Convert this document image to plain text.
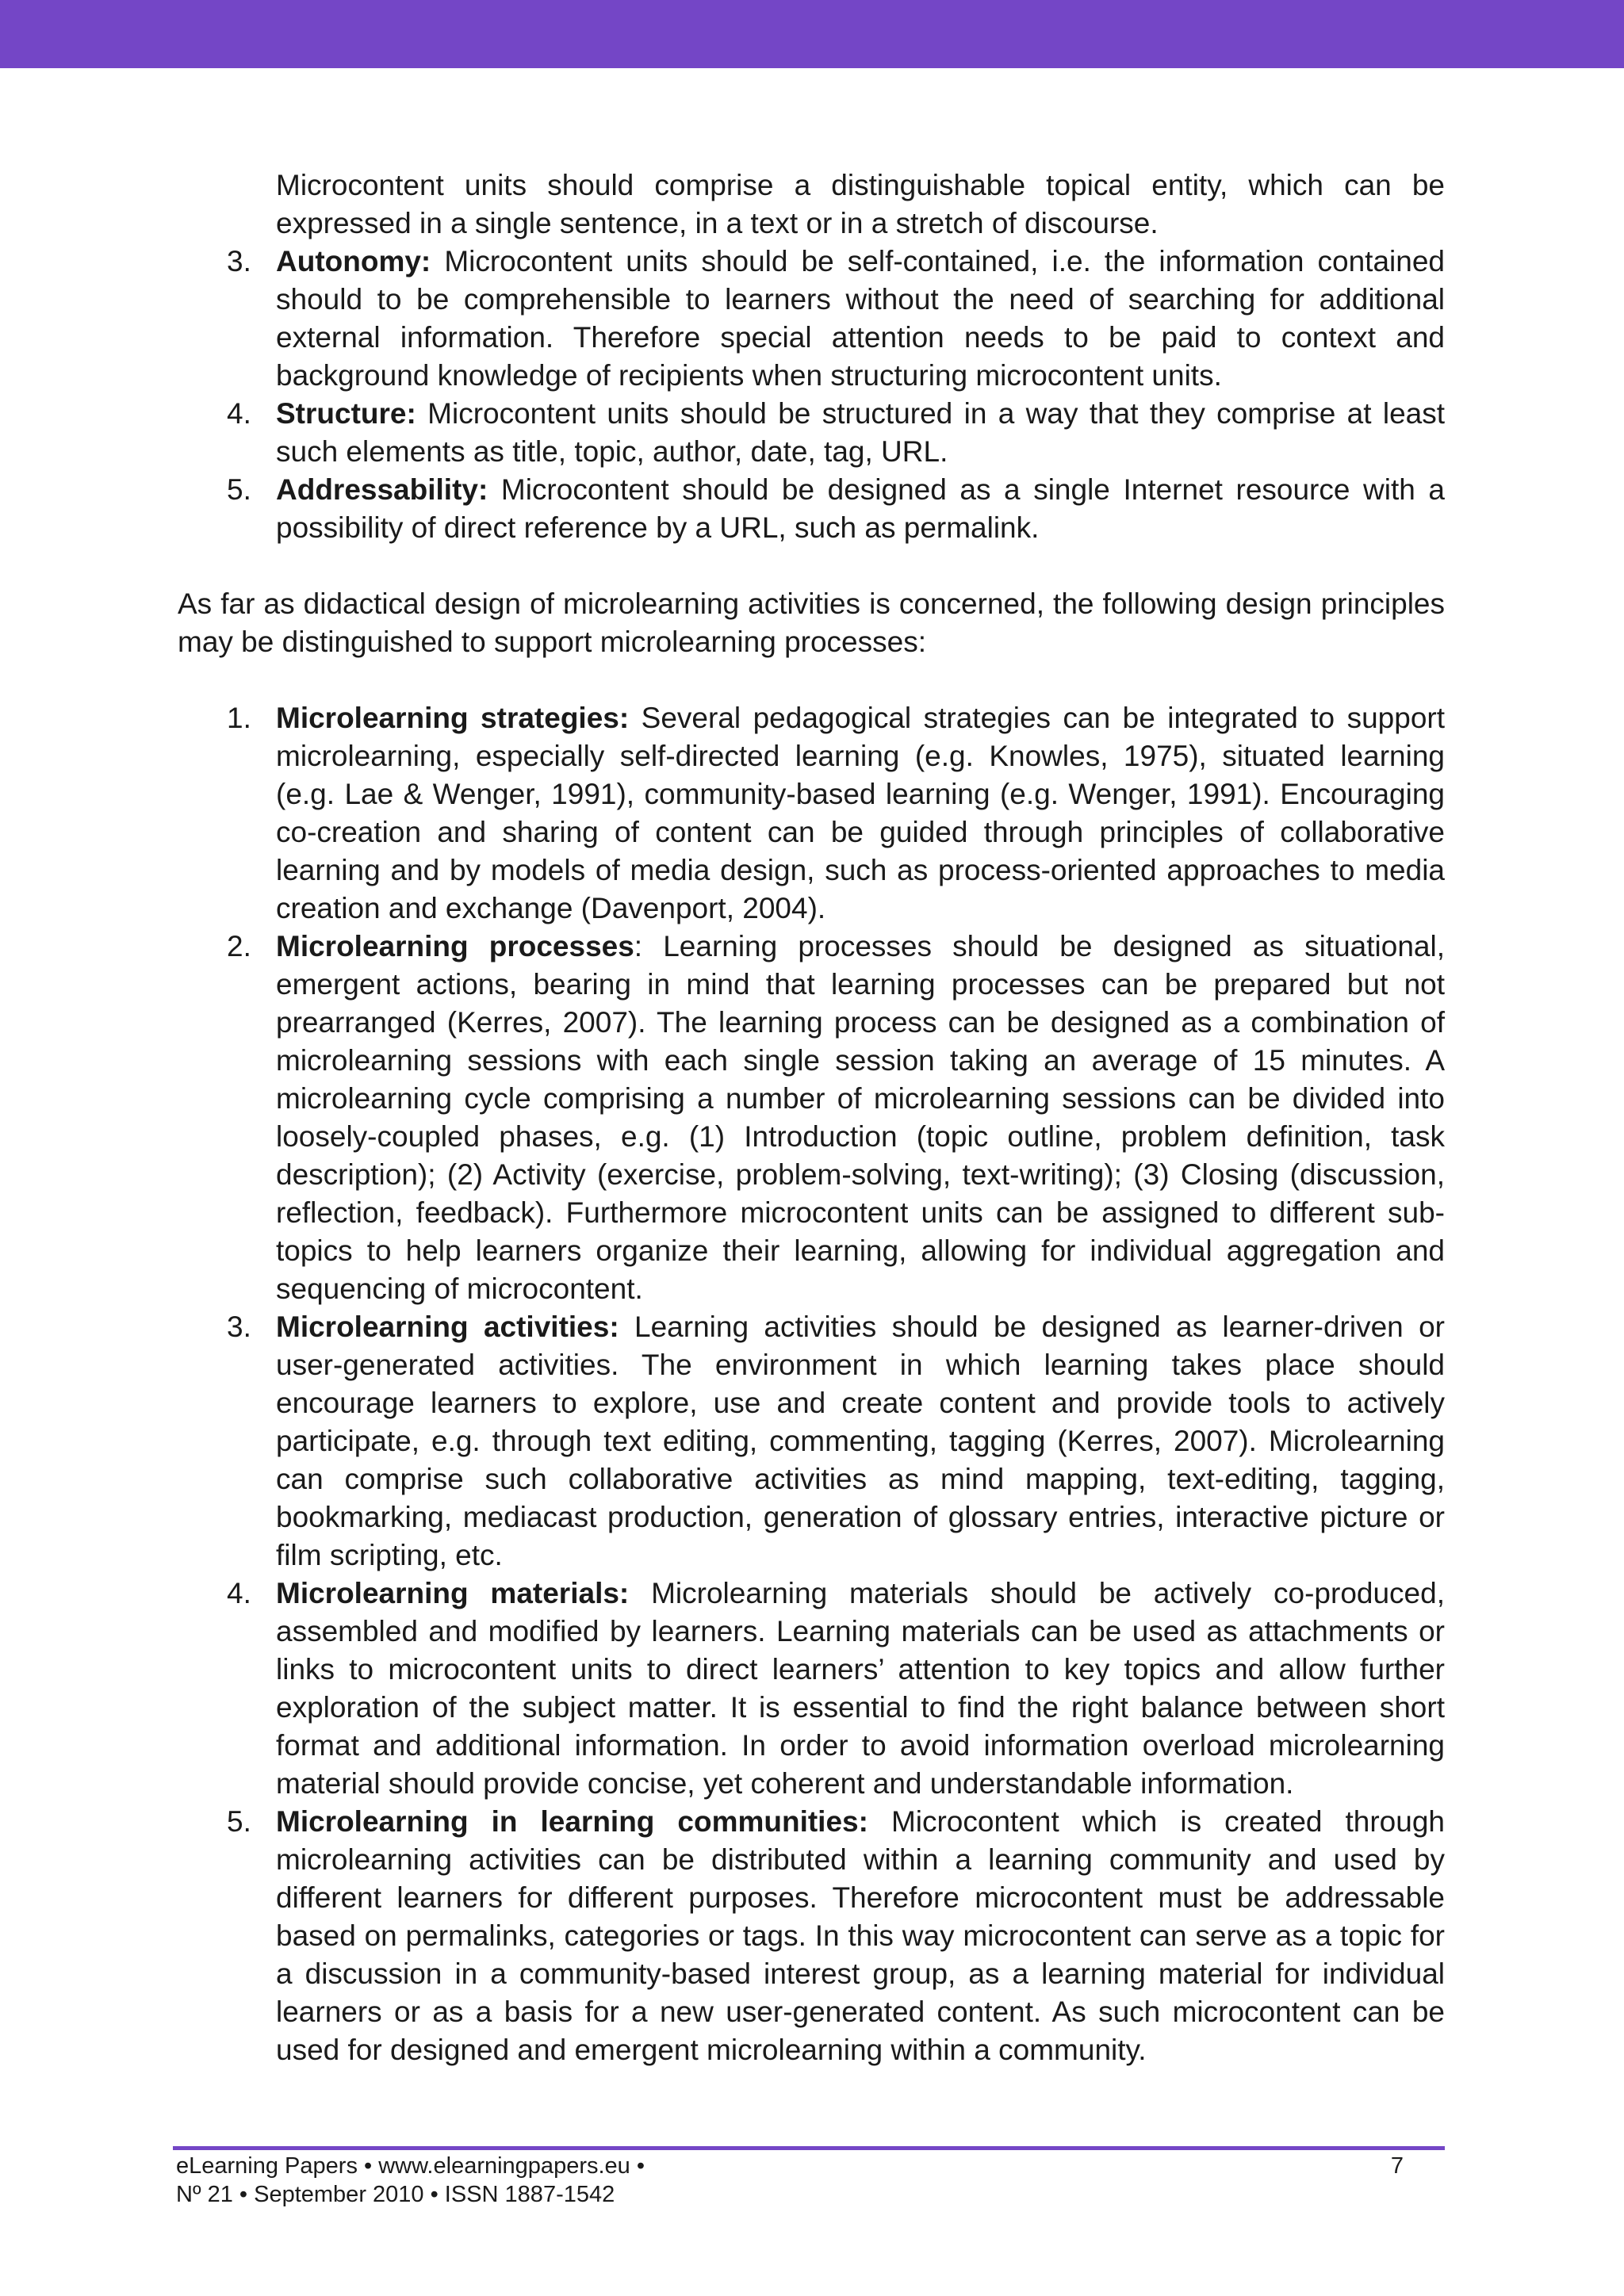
Microcontent units should comprise a distinguishable topical entity, which can be expressed in a single sentence, in a text or in a stretch of discourse.
3. Autonomy: Microcontent units should be self-contained, i.e. the information contained should to be comprehensible to learners without the need of searching for additional external information. Therefore special attention needs to be paid to context and background knowledge of recipients when structuring microcontent units.
4. Structure: Microcontent units should be structured in a way that they comprise at least such elements as title, topic, author, date, tag, URL.
5. Addressability: Microcontent should be designed as a single Internet resource with a possibility of direct reference by a URL, such as permalink.
As far as didactical design of microlearning activities is concerned, the following design principles may be distinguished to support microlearning processes:
1. Microlearning strategies: Several pedagogical strategies can be integrated to support microlearning, especially self-directed learning (e.g. Knowles, 1975), situated learning (e.g. Lae & Wenger, 1991), community-based learning (e.g. Wenger, 1991). Encouraging co-creation and sharing of content can be guided through principles of collaborative learning and by models of media design, such as process-oriented approaches to media creation and exchange (Davenport, 2004).
2. Microlearning processes: Learning processes should be designed as situational, emergent actions, bearing in mind that learning processes can be prepared but not prearranged (Kerres, 2007). The learning process can be designed as a combination of microlearning sessions with each single session taking an average of 15 minutes. A microlearning cycle comprising a number of microlearning sessions can be divided into loosely-coupled phases, e.g. (1) Introduction (topic outline, problem definition, task description); (2) Activity (exercise, problem-solving, text-writing); (3) Closing (discussion, reflection, feedback). Furthermore microcontent units can be assigned to different sub-topics to help learners organize their learning, allowing for individual aggregation and sequencing of microcontent.
3. Microlearning activities: Learning activities should be designed as learner-driven or user-generated activities. The environment in which learning takes place should encourage learners to explore, use and create content and provide tools to actively participate, e.g. through text editing, commenting, tagging (Kerres, 2007). Microlearning can comprise such collaborative activities as mind mapping, text-editing, tagging, bookmarking, mediacast production, generation of glossary entries, interactive picture or film scripting, etc.
4. Microlearning materials: Microlearning materials should be actively co-produced, assembled and modified by learners. Learning materials can be used as attachments or links to microcontent units to direct learners’ attention to key topics and allow further exploration of the subject matter. It is essential to find the right balance between short format and additional information. In order to avoid information overload microlearning material should provide concise, yet coherent and understandable information.
5. Microlearning in learning communities: Microcontent which is created through microlearning activities can be distributed within a learning community and used by different learners for different purposes. Therefore microcontent must be addressable based on permalinks, categories or tags. In this way microcontent can serve as a topic for a discussion in a community-based interest group, as a learning material for individual learners or as a basis for a new user-generated content. As such microcontent can be used for designed and emergent microlearning within a community.
eLearning Papers • www.elearningpapers.eu •
Nº 21 • September 2010 • ISSN 1887-1542
7
